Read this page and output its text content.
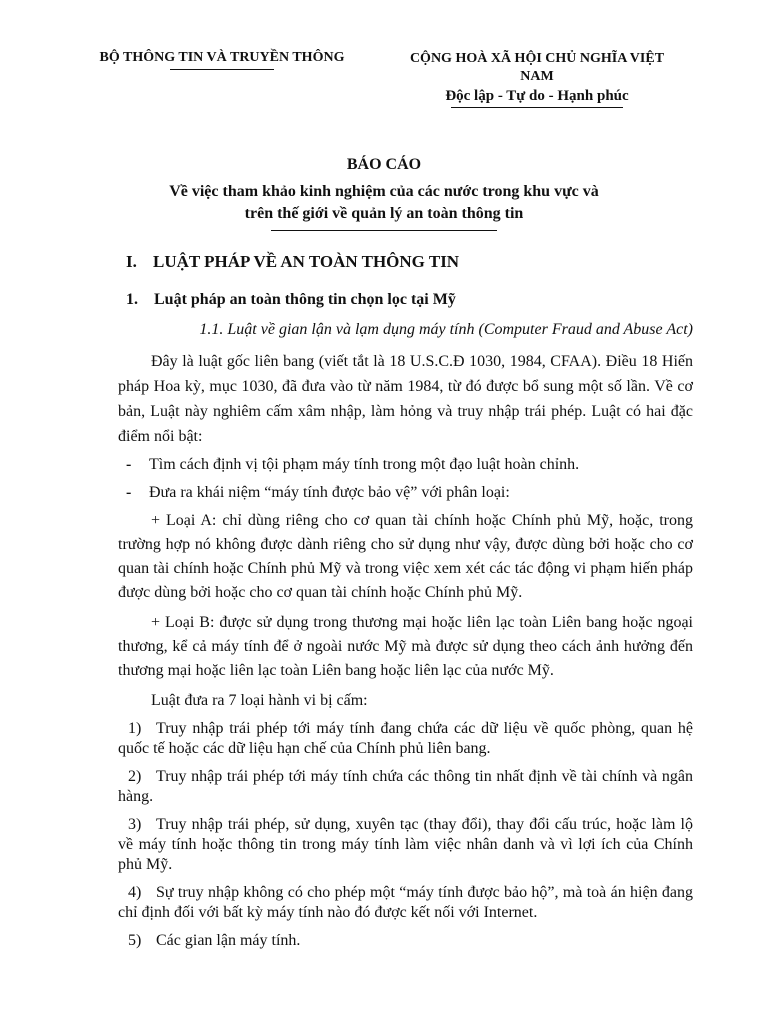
BỘ THÔNG TIN VÀ TRUYỀN THÔNG	CỘNG HOÀ XÃ HỘI CHỦ NGHĨA VIỆT
NAM
Độc lập - Tự do - Hạnh phúc
BÁO CÁO
Về việc tham khảo kinh nghiệm của các nước trong khu vực và
trên thế giới về quản lý an toàn thông tin
I. LUẬT PHÁP VỀ AN TOÀN THÔNG TIN
1. Luật pháp an toàn thông tin chọn lọc tại Mỹ
1.1. Luật về gian lận và lạm dụng máy tính (Computer Fraud and Abuse Act)

Đây là luật gốc liên bang (viết tắt là 18 U.S.C.Đ 1030, 1984, CFAA). Điều 18 Hiến pháp Hoa kỳ, mục 1030, đã đưa vào từ năm 1984, từ đó được bổ sung một số lần. Về cơ bản, Luật này nghiêm cấm xâm nhập, làm hỏng và truy nhập trái phép. Luật có hai đặc điểm nổi bật:

- Tìm cách định vị tội phạm máy tính trong một đạo luật hoàn chỉnh.
- Đưa ra khái niệm “máy tính được bảo vệ” với phân loại:

+ Loại A: chỉ dùng riêng cho cơ quan tài chính hoặc Chính phủ Mỹ, hoặc, trong trường hợp nó không được dành riêng cho sử dụng như vậy, được dùng bởi hoặc cho cơ quan tài chính hoặc Chính phủ Mỹ và trong việc xem xét các tác động vi phạm hiến pháp được dùng bởi hoặc cho cơ quan tài chính hoặc Chính phủ Mỹ.

+ Loại B: được sử dụng trong thương mại hoặc liên lạc toàn Liên bang hoặc ngoại thương, kể cả máy tính để ở ngoài nước Mỹ mà được sử dụng theo cách ảnh hưởng đến thương mại hoặc liên lạc toàn Liên bang hoặc liên lạc của nước Mỹ.

Luật đưa ra 7 loại hành vi bị cấm:

1) Truy nhập trái phép tới máy tính đang chứa các dữ liệu về quốc phòng, quan hệ quốc tế hoặc các dữ liệu hạn chế của Chính phủ liên bang.

2) Truy nhập trái phép tới máy tính chứa các thông tin nhất định về tài chính và ngân hàng.

3) Truy nhập trái phép, sử dụng, xuyên tạc (thay đổi), thay đổi cấu trúc, hoặc làm lộ về máy tính hoặc thông tin trong máy tính làm việc nhân danh và vì lợi ích của Chính phủ Mỹ.

4) Sự truy nhập không có cho phép một “máy tính được bảo hộ”, mà toà án hiện đang chỉ định đối với bất kỳ máy tính nào đó được kết nối với Internet.

5) Các gian lận máy tính.
